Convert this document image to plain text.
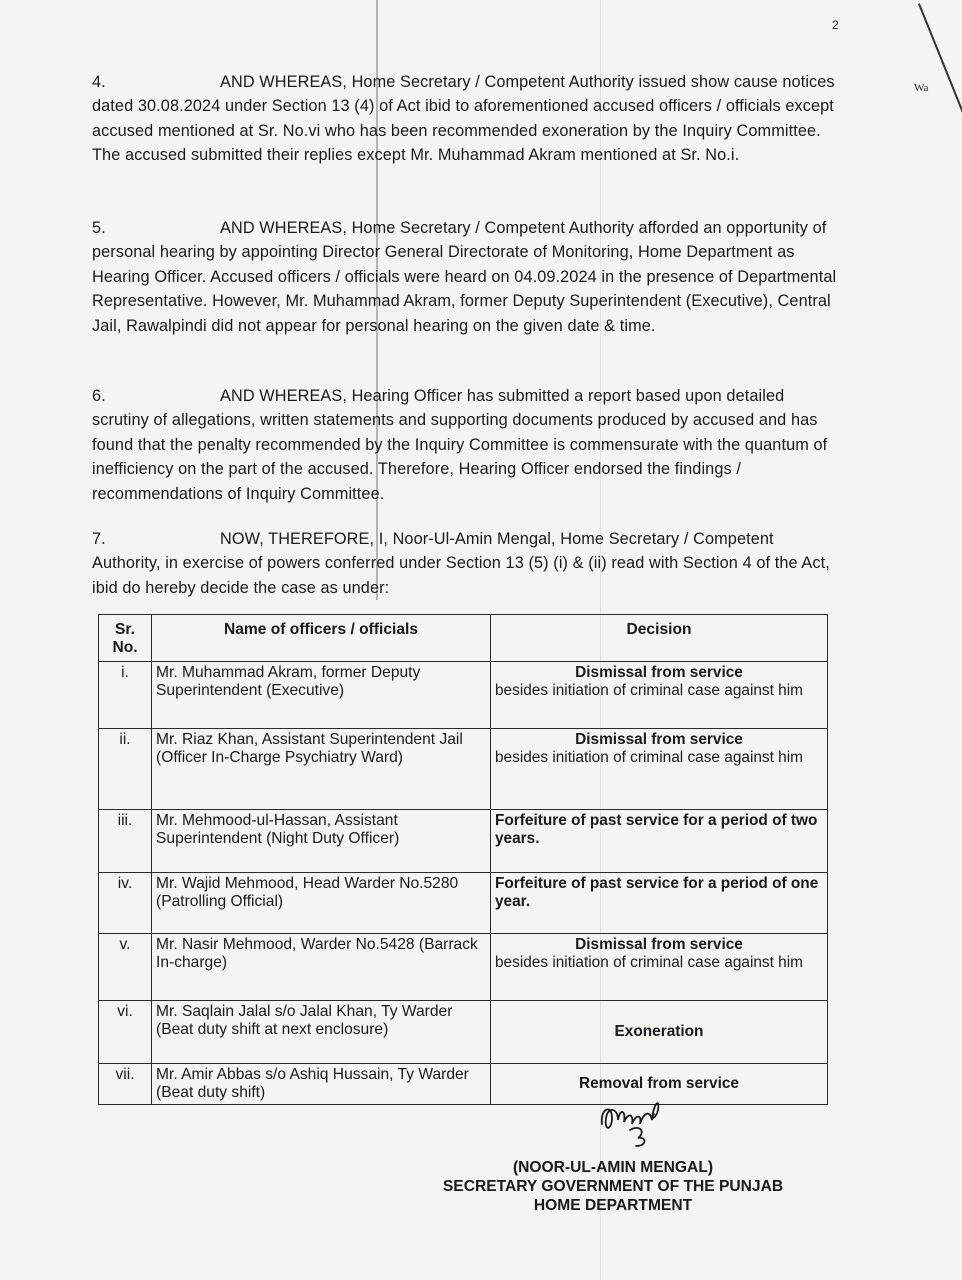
2
Wa
4.	AND WHEREAS, Home Secretary / Competent Authority issued show cause notices dated 30.08.2024 under Section 13 (4) of Act ibid to aforementioned accused officers / officials except accused mentioned at Sr. No.vi who has been recommended exoneration by the Inquiry Committee. The accused submitted their replies except Mr. Muhammad Akram mentioned at Sr. No.i.
5.	AND WHEREAS, Home Secretary / Competent Authority afforded an opportunity of personal hearing by appointing Director General Directorate of Monitoring, Home Department as Hearing Officer. Accused officers / officials were heard on 04.09.2024 in the presence of Departmental Representative. However, Mr. Muhammad Akram, former Deputy Superintendent (Executive), Central Jail, Rawalpindi did not appear for personal hearing on the given date & time.
6.	AND WHEREAS, Hearing Officer has submitted a report based upon detailed scrutiny of allegations, written statements and supporting documents produced by accused and has found that the penalty recommended by the Inquiry Committee is commensurate with the quantum of inefficiency on the part of the accused. Therefore, Hearing Officer endorsed the findings / recommendations of Inquiry Committee.
7.	NOW, THEREFORE, I, Noor-Ul-Amin Mengal, Home Secretary / Competent Authority, in exercise of powers conferred under Section 13 (5) (i) & (ii) read with Section 4 of the Act, ibid do hereby decide the case as under:
Sr. No.	Name of officers / officials	Decision
i.	Mr. Muhammad Akram, former Deputy Superintendent (Executive)	Dismissal from service
besides initiation of criminal case against him

ii.	Mr. Riaz Khan, Assistant Superintendent Jail (Officer In-Charge Psychiatry Ward)	Dismissal from service
besides initiation of criminal case against him

iii.	Mr. Mehmood-ul-Hassan, Assistant Superintendent (Night Duty Officer)	Forfeiture of past service for a period of two years.

iv.	Mr. Wajid Mehmood, Head Warder No.5280 (Patrolling Official)	Forfeiture of past service for a period of one year.

v.	Mr. Nasir Mehmood, Warder No.5428 (Barrack In-charge)	Dismissal from service
besides initiation of criminal case against him

vi.	Mr. Saqlain Jalal s/o Jalal Khan, Ty Warder (Beat duty shift at next enclosure)	Exoneration
vii.	Mr. Amir Abbas s/o Ashiq Hussain, Ty Warder (Beat duty shift)	Removal from service
(NOOR-UL-AMIN MENGAL)
SECRETARY GOVERNMENT OF THE PUNJAB
HOME DEPARTMENT
